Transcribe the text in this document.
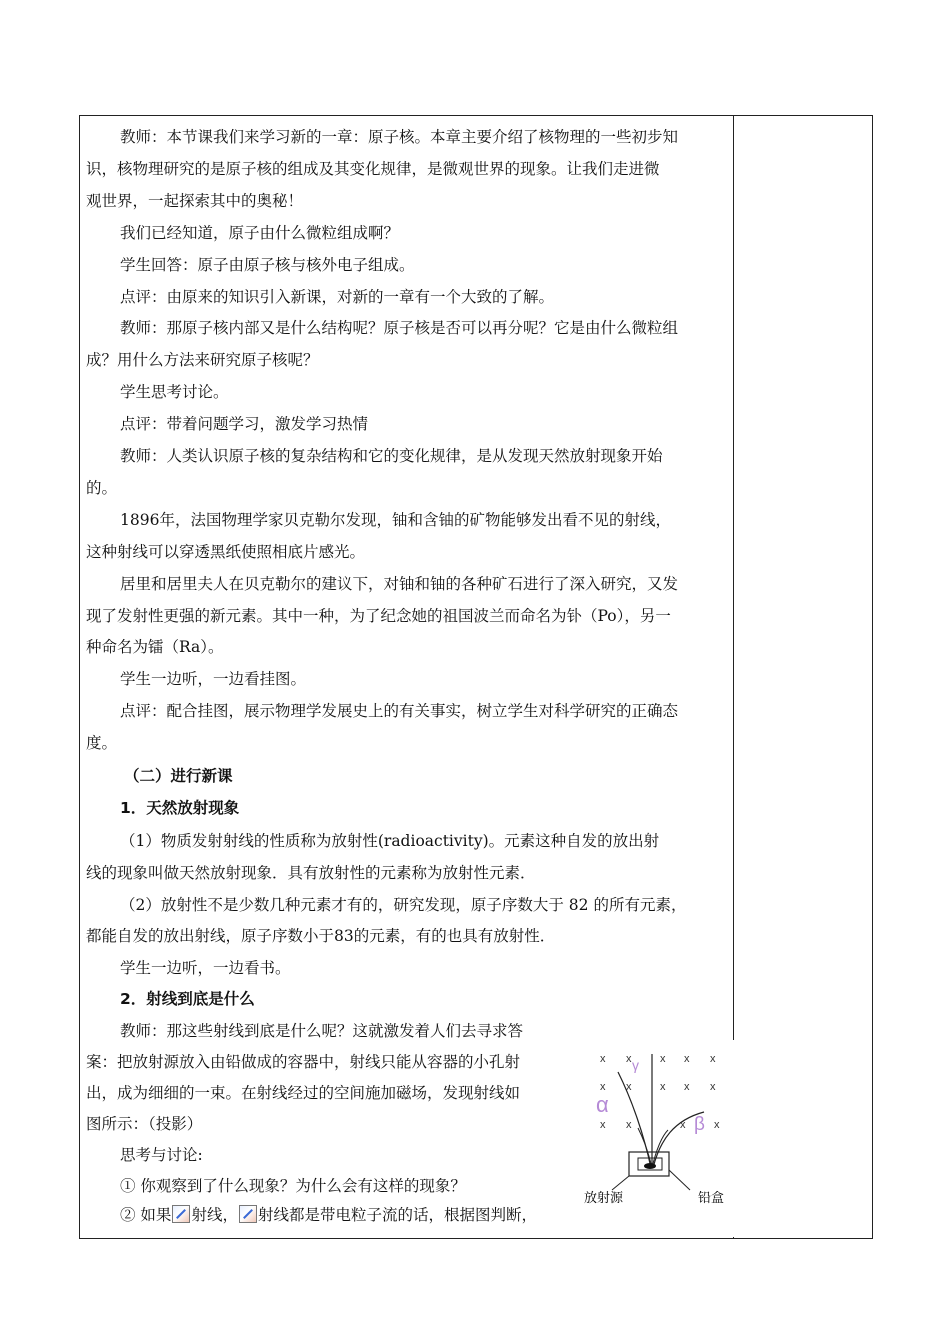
教师：本节课我们来学习新的一章：原子核。本章主要介绍了核物理的一些初步知
识，核物理研究的是原子核的组成及其变化规律，是微观世界的现象。让我们走进微
观世界，一起探索其中的奥秘！
我们已经知道，原子由什么微粒组成啊？
学生回答：原子由原子核与核外电子组成。
点评：由原来的知识引入新课，对新的一章有一个大致的了解。
教师：那原子核内部又是什么结构呢？原子核是否可以再分呢？它是由什么微粒组
成？用什么方法来研究原子核呢？
学生思考讨论。
点评：带着问题学习，激发学习热情
教师：人类认识原子核的复杂结构和它的变化规律，是从发现天然放射现象开始
的。
1896年，法国物理学家贝克勒尔发现，铀和含铀的矿物能够发出看不见的射线，
这种射线可以穿透黑纸使照相底片感光。
居里和居里夫人在贝克勒尔的建议下，对铀和铀的各种矿石进行了深入研究，又发
现了发射性更强的新元素。其中一种，为了纪念她的祖国波兰而命名为钋（Po），另一
种命名为镭（Ra）。
学生一边听，一边看挂图。
点评：配合挂图，展示物理学发展史上的有关事实，树立学生对科学研究的正确态
度。
（二）进行新课
1．天然放射现象
（1）物质发射射线的性质称为放射性(radioactivity)。元素这种自发的放出射
线的现象叫做天然放射现象．具有放射性的元素称为放射性元素．
（2）放射性不是少数几种元素才有的，研究发现，原子序数大于 82 的所有元素，
都能自发的放出射线，原子序数小于83的元素，有的也具有放射性．
学生一边听，一边看书。
2．射线到底是什么
教师：那这些射线到底是什么呢？这就激发着人们去寻求答
案：把放射源放入由铅做成的容器中，射线只能从容器的小孔射
出，成为细细的一束。在射线经过的空间施加磁场，发现射线如
图所示：（投影）
思考与讨论:
① 你观察到了什么现象？为什么会有这样的现象？
② 如果 射线， 射线都是带电粒子流的话，根据图判断，
x x	x x x
x x	x x x
x x	x	x
γ
α
β
放射源	铅盒
